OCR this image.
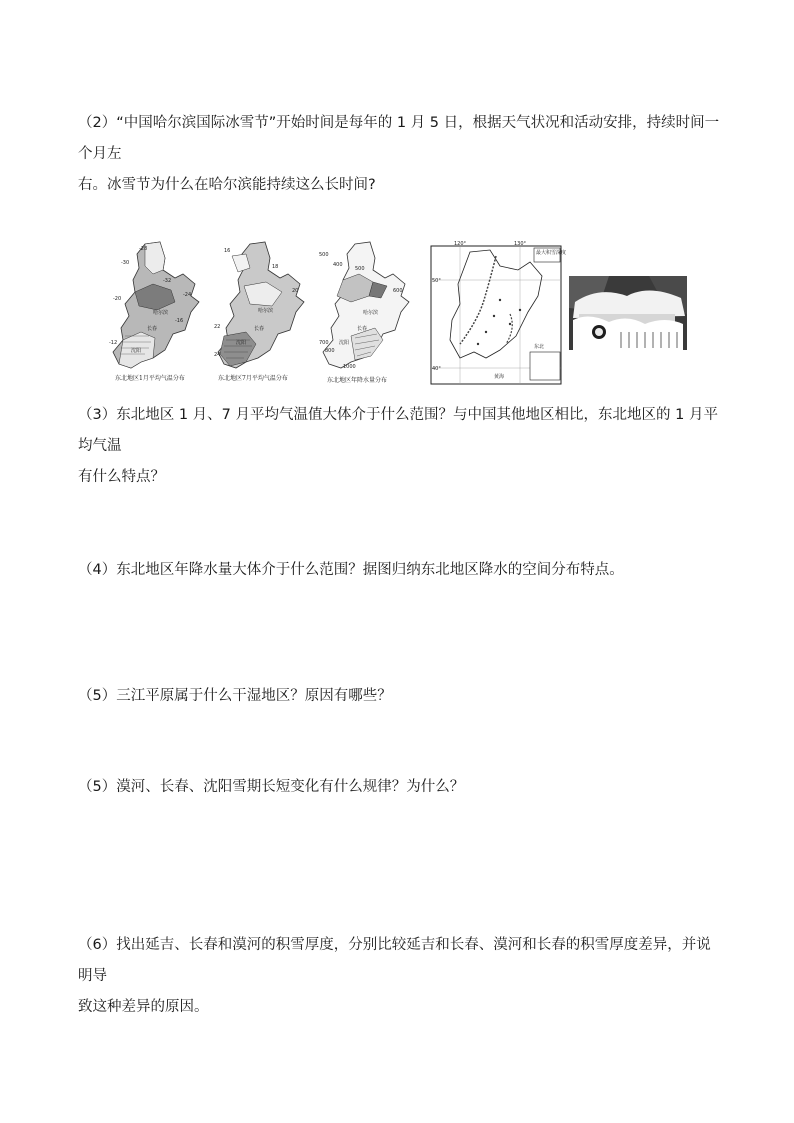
（2）“中国哈尔滨国际冰雪节”开始时间是每年的 1 月 5 日，根据天气状况和活动安排，持续时间一个月左
右。冰雪节为什么在哈尔滨能持续这么长时间?
-28
-30
-32
-24
-20
-16
-12
哈尔滨
长春
沈阳
东北地区1月平均气温分布
16
18
20
22
24
哈尔滨
长春
沈阳
东北地区7月平均气温分布
500
400
500
600
700
800
1000
哈尔滨
长春
沈阳
东北地区年降水量分布
最大积雪深度
120°	130°
50°
40°
黄海
东北
（3）东北地区 1 月、7 月平均气温值大体介于什么范围？与中国其他地区相比，东北地区的 1 月平均气温
有什么特点？
（4）东北地区年降水量大体介于什么范围？据图归纳东北地区降水的空间分布特点。
（5）三江平原属于什么干湿地区？原因有哪些？
（5）漠河、长春、沈阳雪期长短变化有什么规律？为什么？
（6）找出延吉、长春和漠河的积雪厚度，分别比较延吉和长春、漠河和长春的积雪厚度差异，并说明导
致这种差异的原因。
